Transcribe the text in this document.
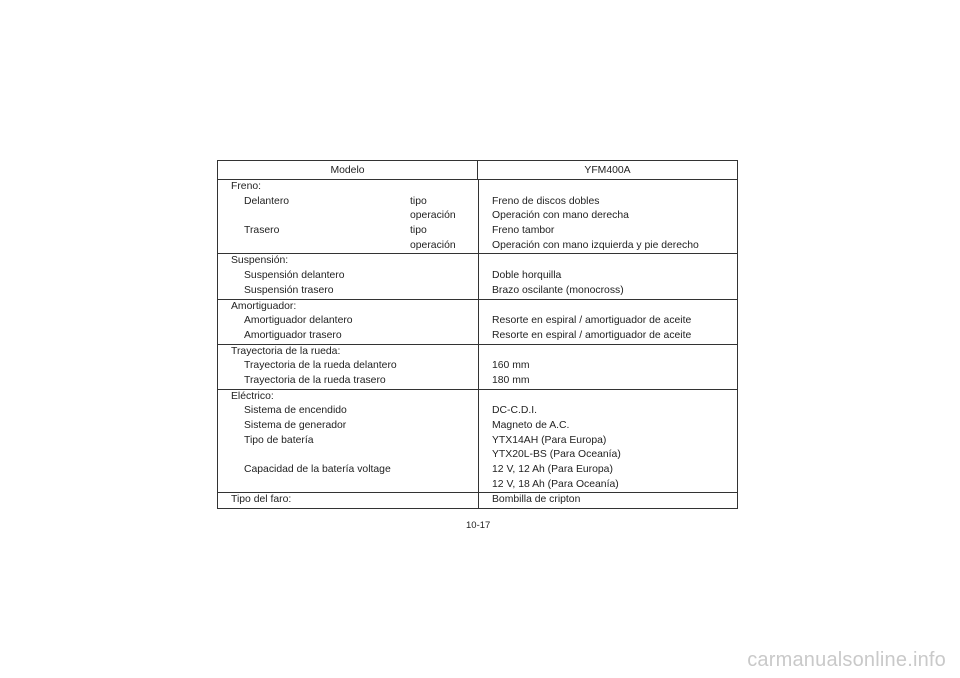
Modelo	YFM400A
Freno:
Delantero	tipo	Freno de discos dobles
operación	Operación con mano derecha
Trasero	tipo	Freno tambor
operación	Operación con mano izquierda y pie derecho
Suspensión:
Suspensión delantero	Doble horquilla
Suspensión trasero	Brazo oscilante (monocross)
Amortiguador:
Amortiguador delantero	Resorte en espiral / amortiguador de aceite
Amortiguador trasero	Resorte en espiral / amortiguador de aceite
Trayectoria de la rueda:
Trayectoria de la rueda delantero	160 mm
Trayectoria de la rueda trasero	180 mm
Eléctrico:
Sistema de encendido	DC-C.D.I.
Sistema de generador	Magneto de A.C.
Tipo de batería	YTX14AH (Para Europa)
YTX20L-BS (Para Oceanía)
Capacidad de la batería voltage	12 V, 12 Ah (Para Europa)
12 V, 18 Ah (Para Oceanía)
Tipo del faro:	Bombilla de cripton
10-17
carmanualsonline.info
